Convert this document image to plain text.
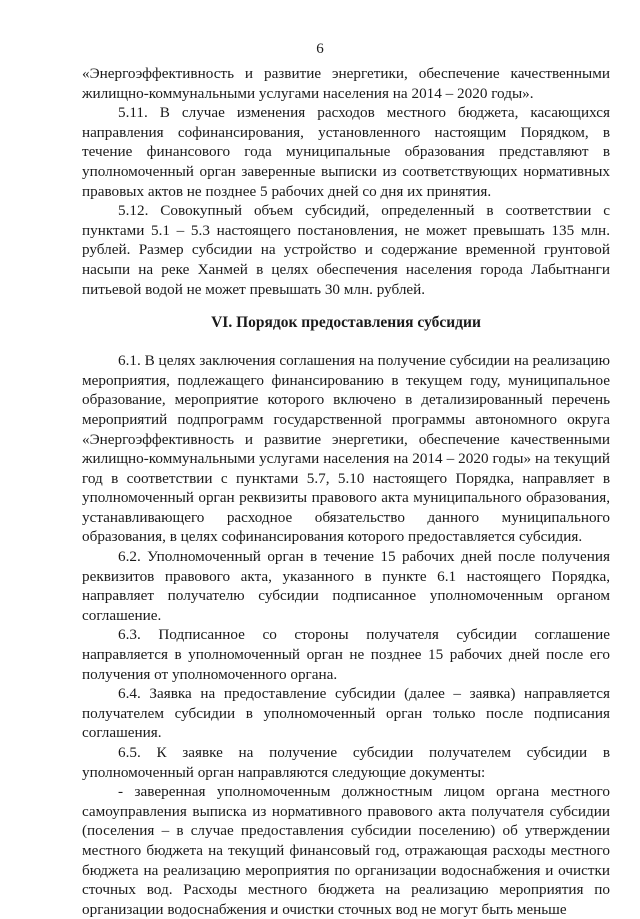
6

«Энергоэффективность и развитие энергетики, обеспечение качественными жилищно-коммунальными услугами населения на 2014 – 2020 годы».

5.11. В случае изменения расходов местного бюджета, касающихся направления софинансирования, установленного настоящим Порядком, в течение финансового года муниципальные образования представляют в уполномоченный орган заверенные выписки из соответствующих нормативных правовых актов не позднее 5 рабочих дней со дня их принятия.

5.12. Совокупный объем субсидий, определенный в соответствии с пунктами 5.1 – 5.3 настоящего постановления, не может превышать 135 млн. рублей. Размер субсидии на устройство и содержание временной грунтовой насыпи на реке Ханмей в целях обеспечения населения города Лабытнанги питьевой водой не может превышать 30 млн. рублей.

VI. Порядок предоставления субсидии

6.1. В целях заключения соглашения на получение субсидии на реализацию мероприятия, подлежащего финансированию в текущем году, муниципальное образование, мероприятие которого включено в детализированный перечень мероприятий подпрограмм государственной программы автономного округа «Энергоэффективность и развитие энергетики, обеспечение качественными жилищно-коммунальными услугами населения на 2014 – 2020 годы» на текущий год в соответствии с пунктами 5.7, 5.10 настоящего Порядка, направляет в уполномоченный орган реквизиты правового акта муниципального образования, устанавливающего расходное обязательство данного муниципального образования, в целях софинансирования которого предоставляется субсидия.

6.2. Уполномоченный орган в течение 15 рабочих дней после получения реквизитов правового акта, указанного в пункте 6.1 настоящего Порядка, направляет получателю субсидии подписанное уполномоченным органом соглашение.

6.3. Подписанное со стороны получателя субсидии соглашение направляется в уполномоченный орган не позднее 15 рабочих дней после его получения от уполномоченного органа.

6.4. Заявка на предоставление субсидии (далее – заявка) направляется получателем субсидии в уполномоченный орган только после подписания соглашения.

6.5. К заявке на получение субсидии получателем субсидии в уполномоченный орган направляются следующие документы:

- заверенная уполномоченным должностным лицом органа местного самоуправления выписка из нормативного правового акта получателя субсидии (поселения – в случае предоставления субсидии поселению) об утверждении местного бюджета на текущий финансовый год, отражающая расходы местного бюджета на реализацию мероприятия по организации водоснабжения и очистки сточных вод. Расходы местного бюджета на реализацию мероприятия по организации водоснабжения и очистки сточных вод не могут быть меньше
